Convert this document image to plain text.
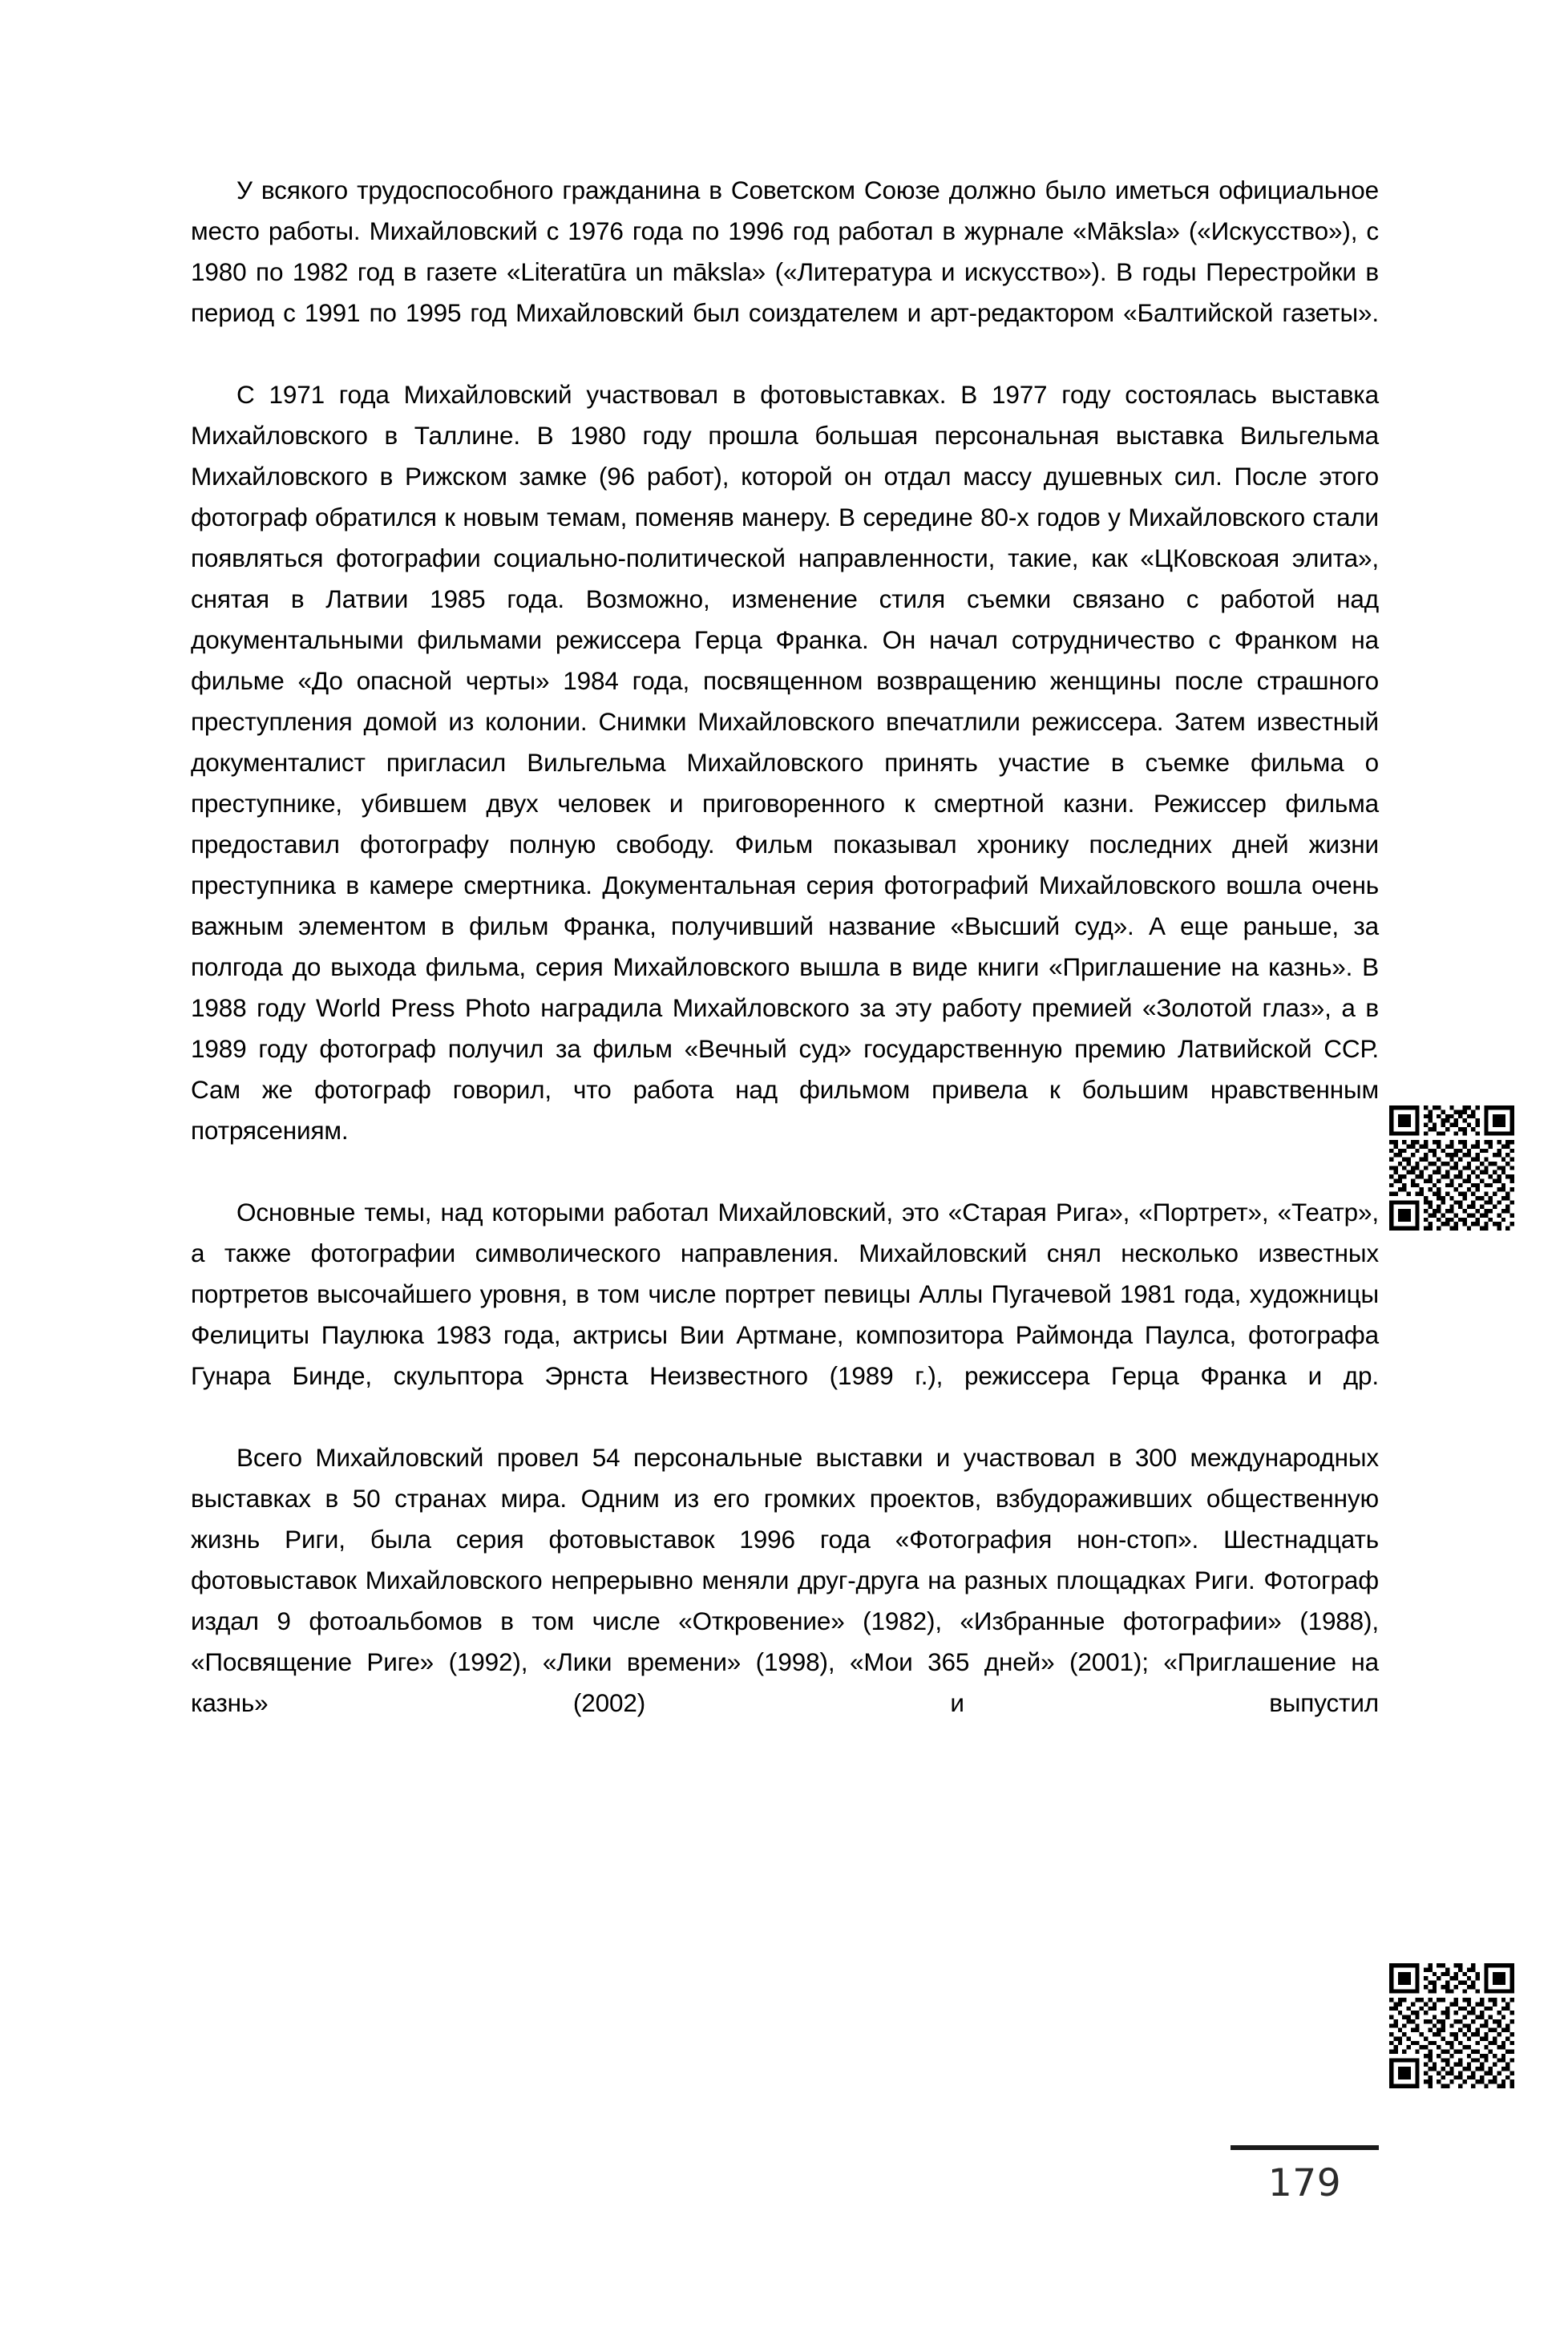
У всякого трудоспособного гражданина в Советском Союзе должно было иметься официальное место работы. Михайловский с 1976 года по 1996 год работал в журнале «Māksla» («Искусство»), с 1980 по 1982 год в газете «Literatūra un māksla» («Литература и искусство»). В годы Перестройки в период с 1991 по 1995 год Михайловский был соиздателем и арт-редактором «Балтийской газеты».

С 1971 года Михайловский участвовал в фотовыставках. В 1977 году состоялась выставка Михайловского в Таллине. В 1980 году прошла большая персональная выставка Вильгельма Михайловского в Рижском замке (96 работ), которой он отдал массу душевных сил. После этого фотограф обратился к новым темам, поменяв манеру. В середине 80-х годов у Михайловского стали появляться фотографии социально-политической направленности, такие, как «ЦКовскоая элита», снятая в Латвии 1985 года. Возможно, изменение стиля съемки связано с работой над документальными фильмами режиссера Герца Франка. Он начал сотрудничество с Франком на фильме «До опасной черты» 1984 года, посвященном возвращению женщины после страшного преступления домой из колонии. Снимки Михайловского впечатлили режиссера. Затем известный документалист пригласил Вильгельма Михайловского принять участие в съемке фильма о преступнике, убившем двух человек и приговоренного к смертной казни. Режиссер фильма предоставил фотографу полную свободу. Фильм показывал хронику последних дней жизни преступника в камере смертника. Документальная серия фотографий Михайловского вошла очень важным элементом в фильм Франка, получивший название «Высший суд». А еще раньше, за полгода до выхода фильма, серия Михайловского вышла в виде книги «Приглашение на казнь». В 1988 году World Press Photo наградила Михайловского за эту работу премией «Золотой глаз», а в 1989 году фотограф получил за фильм «Вечный суд» государственную премию Латвийской ССР. Сам же фотограф говорил, что работа над фильмом привела к большим нравственным потрясениям.

Основные темы, над которыми работал Михайловский, это «Старая Рига», «Портрет», «Театр», а также фотографии символического направления. Михайловский снял несколько известных портретов высочайшего уровня, в том числе портрет певицы Аллы Пугачевой 1981 года, художницы Фелициты Паулюка 1983 года, актрисы Вии Артмане, композитора Раймонда Паулса, фотографа Гунара Бинде, скульптора Эрнста Неизвестного (1989 г.), режиссера Герца Франка и др.

Всего Михайловский провел 54 персональные выставки и участвовал в 300 международных выставках в 50 странах мира. Одним из его громких проектов, взбудораживших общественную жизнь Риги, была серия фотовыставок 1996 года «Фотография нон-стоп». Шестнадцать фотовыставок Михайловского непрерывно меняли друг-друга на разных площадках Риги. Фотограф издал 9 фотоальбомов в том числе «Откровение» (1982), «Избранные фотографии» (1988), «Посвящение Риге» (1992), «Лики времени» (1998), «Мои 365 дней» (2001); «Приглашение на казнь» (2002) и выпустил

179
